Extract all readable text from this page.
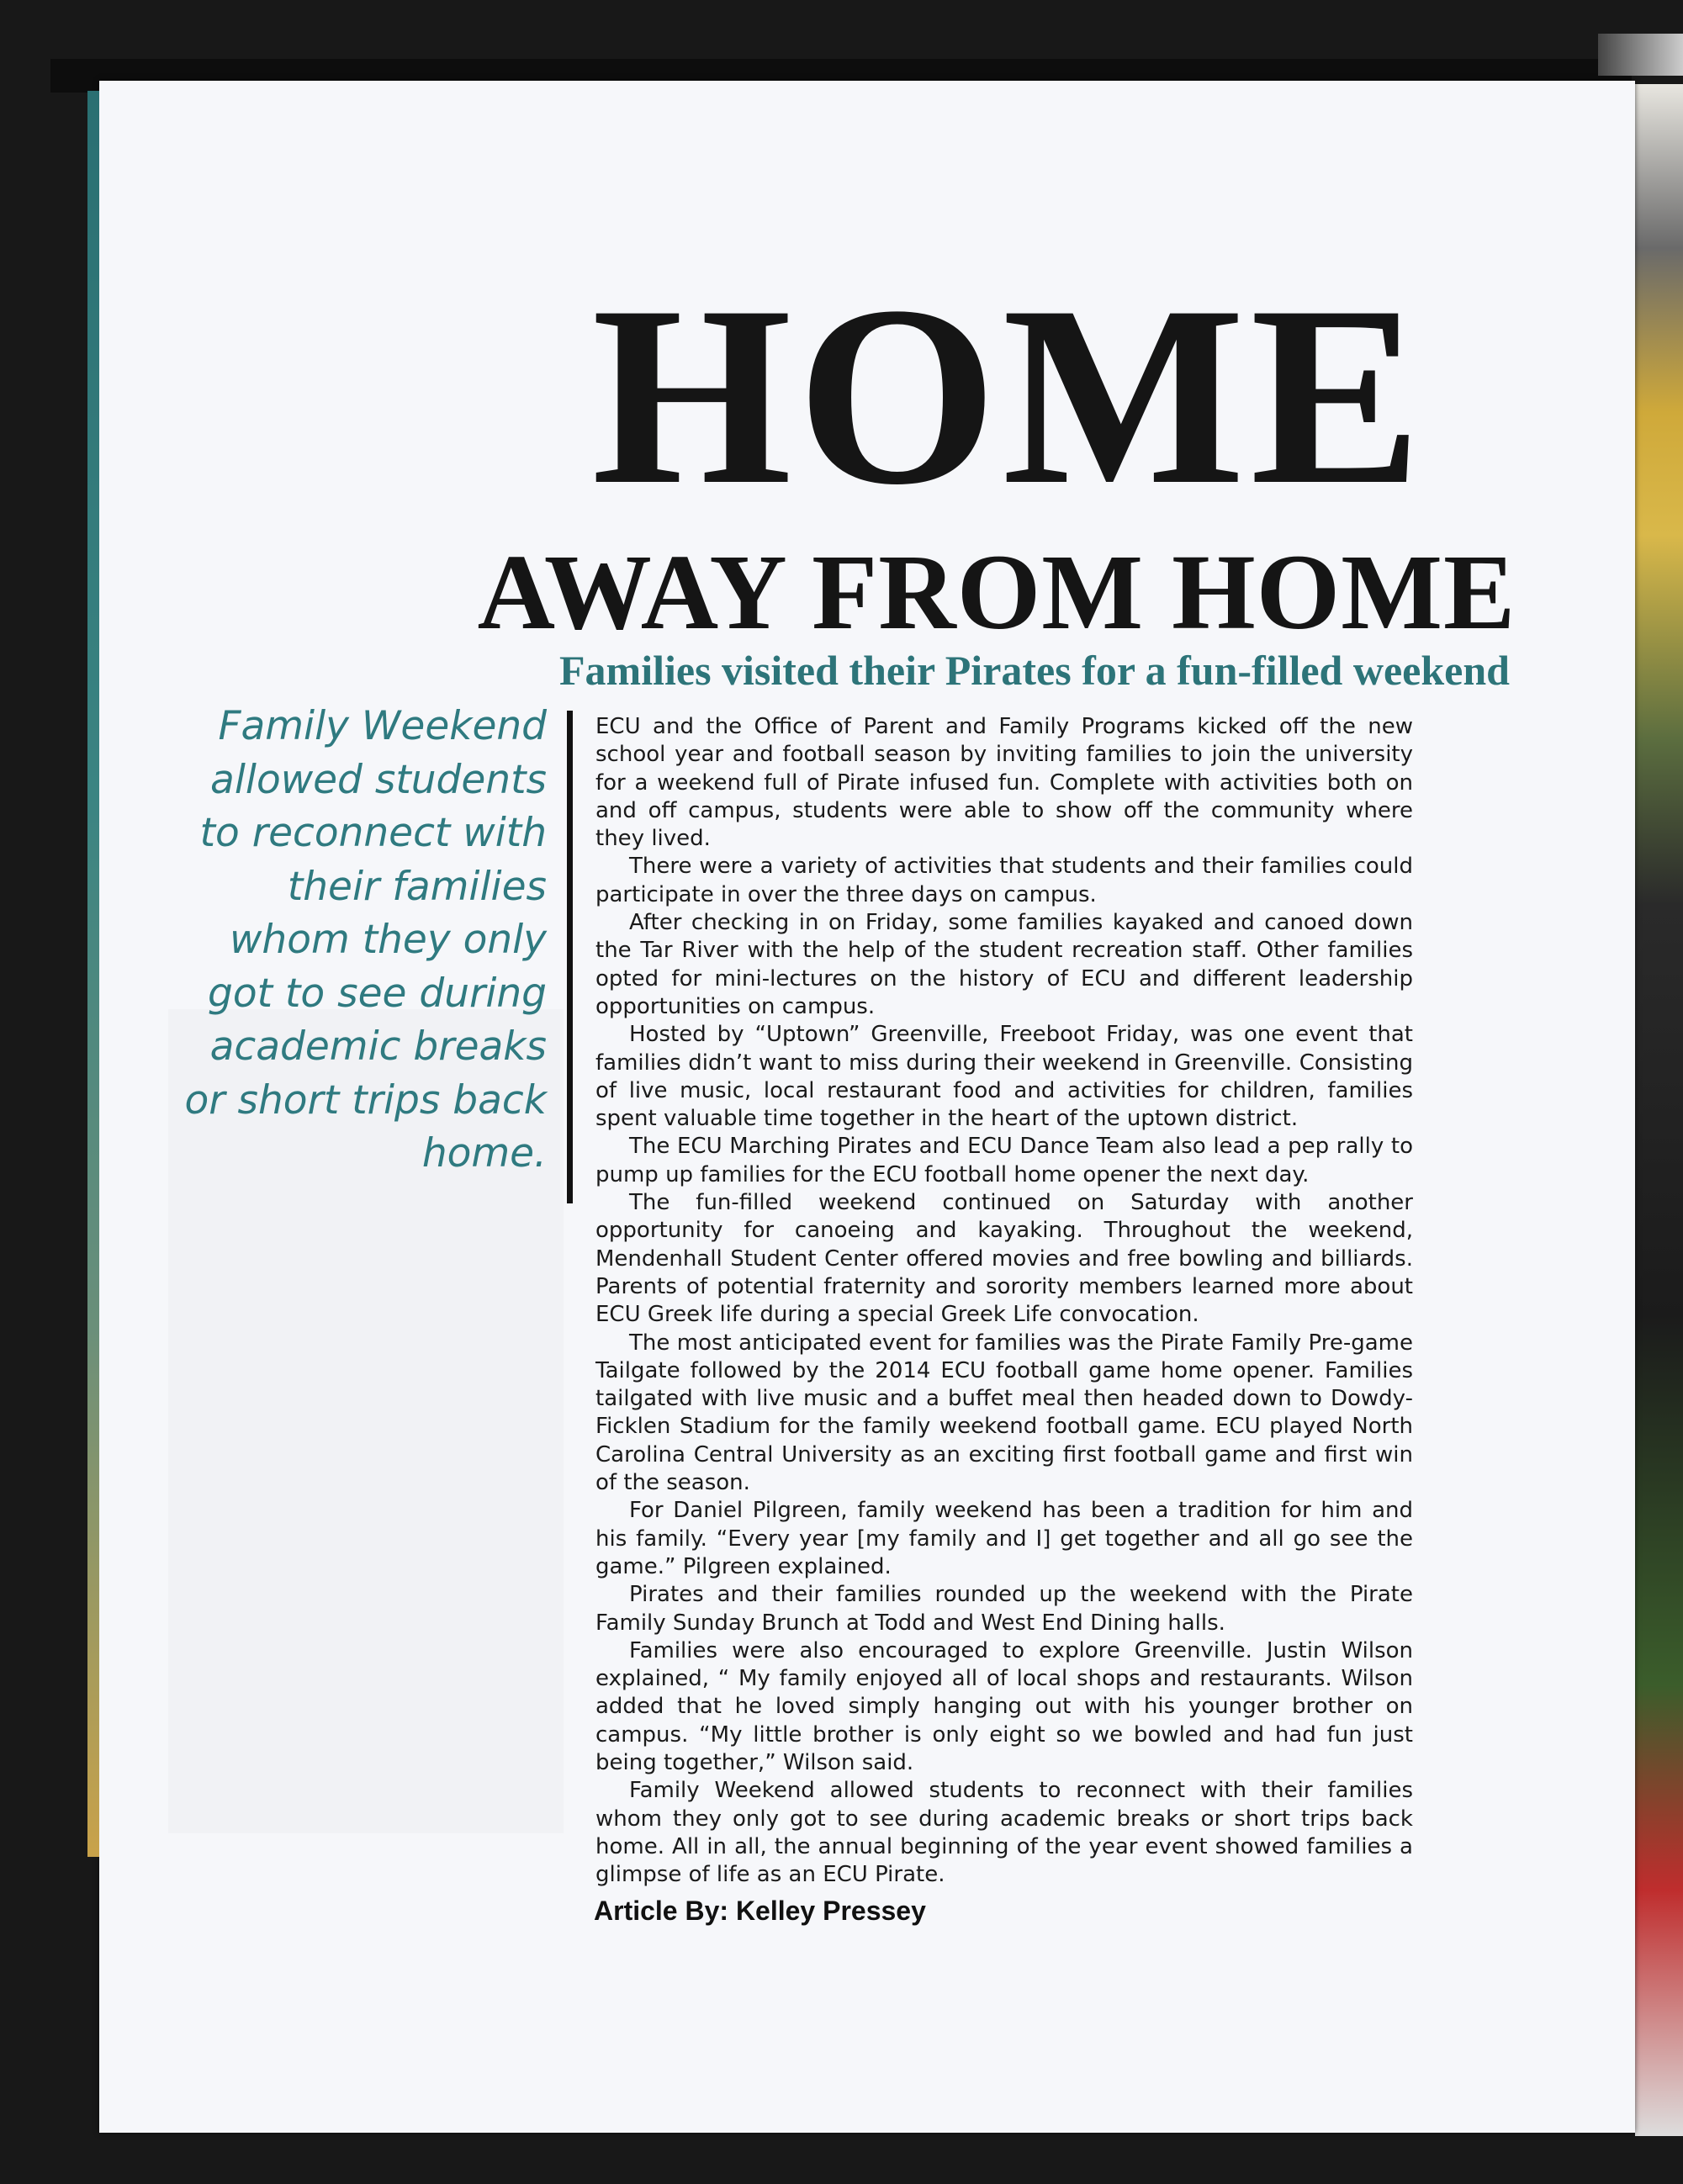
HOME
AWAY FROM HOME
Families visited their Pirates for a fun-filled weekend

Family Weekend allowed students to reconnect with their families whom they only got to see during academic breaks or short trips back home.

ECU and the Office of Parent and Family Programs kicked off the new school year and football season by inviting families to join the university for a weekend full of Pirate infused fun. Complete with activities both on and off campus, students were able to show off the community where they lived.

There were a variety of activities that students and their families could participate in over the three days on campus.

After checking in on Friday, some families kayaked and canoed down the Tar River with the help of the student recreation staff. Other families opted for mini-lectures on the history of ECU and different leadership opportunities on campus.

Hosted by “Uptown” Greenville, Freeboot Friday, was one event that families didn’t want to miss during their weekend in Greenville. Consisting of live music, local restaurant food and activities for children, families spent valuable time together in the heart of the uptown district.

The ECU Marching Pirates and ECU Dance Team also lead a pep rally to pump up families for the ECU football home opener the next day.

The fun-filled weekend continued on Saturday with another opportunity for canoeing and kayaking. Throughout the weekend, Mendenhall Student Center offered movies and free bowling and billiards. Parents of potential fraternity and sorority members learned more about ECU Greek life during a special Greek Life convocation.

The most anticipated event for families was the Pirate Family Pre-game Tailgate followed by the 2014 ECU football game home opener. Families tailgated with live music and a buffet meal then headed down to Dowdy-Ficklen Stadium for the family weekend football game. ECU played North Carolina Central University as an exciting first football game and first win of the season.

For Daniel Pilgreen, family weekend has been a tradition for him and his family. “Every year [my family and I] get together and all go see the game.” Pilgreen explained.

Pirates and their families rounded up the weekend with the Pirate Family Sunday Brunch at Todd and West End Dining halls.

Families were also encouraged to explore Greenville. Justin Wilson explained, “ My family enjoyed all of local shops and restaurants. Wilson added that he loved simply hanging out with his younger brother on campus. “My little brother is only eight so we bowled and had fun just being together,” Wilson said.

Family Weekend allowed students to reconnect with their families whom they only got to see during academic breaks or short trips back home. All in all, the annual beginning of the year event showed families a glimpse of life as an ECU Pirate.

Article By: Kelley Pressey
